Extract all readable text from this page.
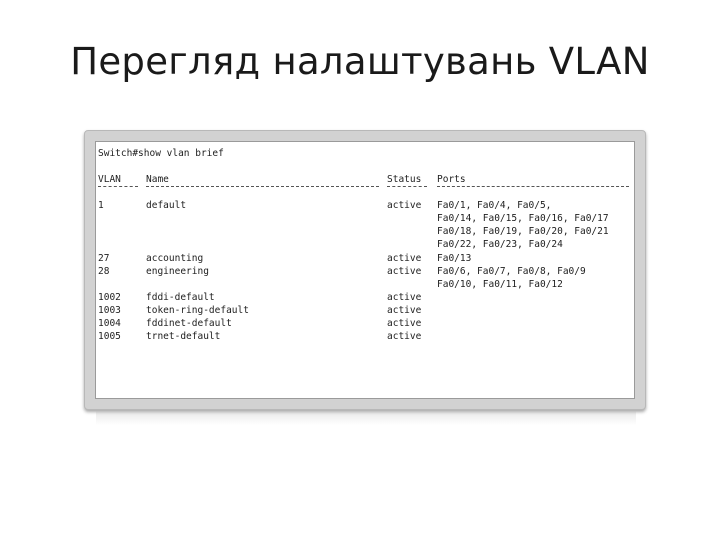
Перегляд налаштувань VLAN
Switch#show vlan brief
VLAN	Name	Status Ports
1	default	active Fa0/1, Fa0/4, Fa0/5,
Fa0/14, Fa0/15, Fa0/16, Fa0/17
Fa0/18, Fa0/19, Fa0/20, Fa0/21
Fa0/22, Fa0/23, Fa0/24
27	accounting	active Fa0/13
28	engineering	active Fa0/6, Fa0/7, Fa0/8, Fa0/9
Fa0/10, Fa0/11, Fa0/12
1002	fddi-default	active
1003	token-ring-default	active
1004	fddinet-default	active
1005	trnet-default	active
